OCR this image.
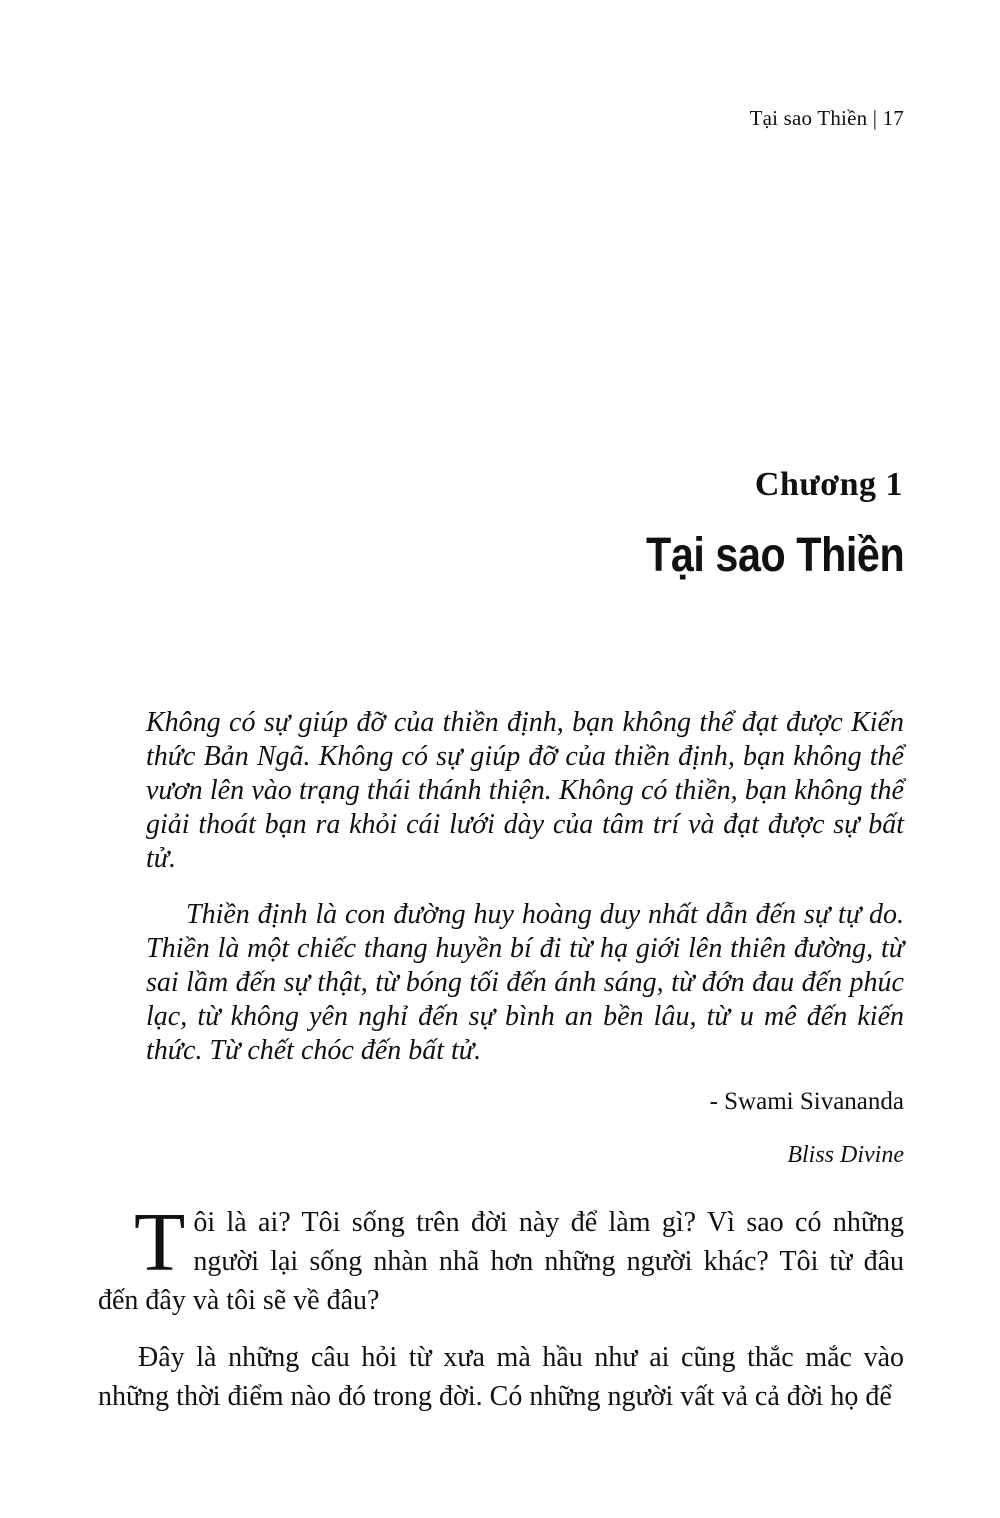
Tại sao Thiền | 17
Chương 1
Tại sao Thiền

Không có sự giúp đỡ của thiền định, bạn không thể đạt được Kiến thức Bản Ngã. Không có sự giúp đỡ của thiền định, bạn không thể vươn lên vào trạng thái thánh thiện. Không có thiền, bạn không thể giải thoát bạn ra khỏi cái lưới dày của tâm trí và đạt được sự bất tử.

Thiền định là con đường huy hoàng duy nhất dẫn đến sự tự do. Thiền là một chiếc thang huyền bí đi từ hạ giới lên thiên đường, từ sai lầm đến sự thật, từ bóng tối đến ánh sáng, từ đớn đau đến phúc lạc, từ không yên nghỉ đến sự bình an bền lâu, từ u mê đến kiến thức. Từ chết chóc đến bất tử.

- Swami Sivananda
Bliss Divine

Tôi là ai? Tôi sống trên đời này để làm gì? Vì sao có những người lại sống nhàn nhã hơn những người khác? Tôi từ đâu đến đây và tôi sẽ về đâu?

Đây là những câu hỏi từ xưa mà hầu như ai cũng thắc mắc vào những thời điểm nào đó trong đời. Có những người vất vả cả đời họ để
